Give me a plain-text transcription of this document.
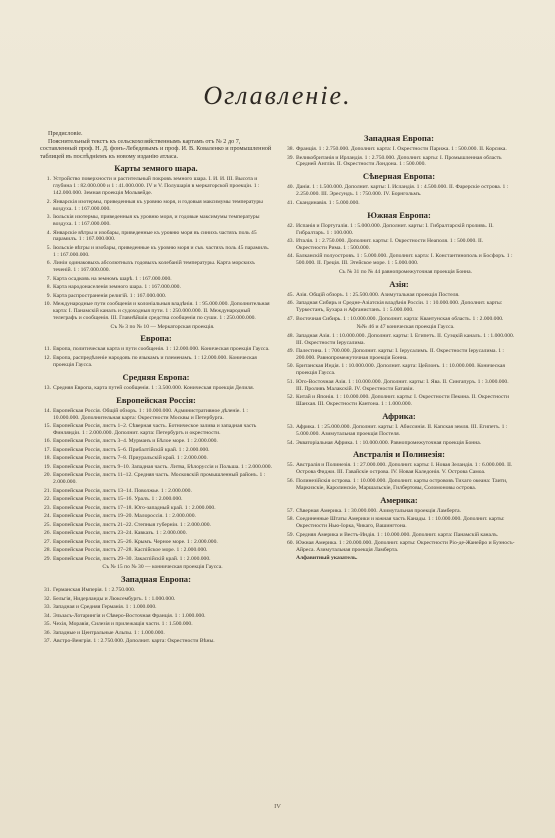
Оглавленіе.
Предисловіе.
Пояснительный текстъ къ сельскохозяйственнымъ картамъ отъ № 2 до 7, составленный проф. Н. Д. фонъ-Лебедевымъ и проф. И. В. Коваленко и промышленной таблицей въ послѣдніемъ къ новому изданію атласа.
Карты земного шара.
1. Устройство поверхности и растительный покровъ земного шара. I. И. И. III. Высота и глубина 1 : 82.000.000 и 1 : 41.000.000. IV и V. Полушарія в меркаторской проекціи. 1 : 142.000.000. Земная проекція Мольвейде.
2. Январскія изотермы, приведенныя къ уровню моря, и годовыя максимумы температуры воздуха. 1 : 167.000.000.
3. Іюльскія изотермы, приведенныя къ уровню моря, и годовые максимумы температуры воздуха. 1 : 167.000.000.
4. Январскіе вѣтры и изобары, приведенные къ уровню моря въ синихъ частяхъ поль 45 парамилъ. 1 : 167.000.000.
5. Іюльскіе вѣтры и изобары, приведенные къ уровню моря и съв. частяхъ поль 45 парамилъ. 1 : 167.000.000.
6. Линіи одинаковыхъ абсолютныхъ годовыхъ колебаній температуры. Карта морскихъ теченій. 1 : 167.000.000.
7. Карта осадковъ на земномъ шарѣ. 1 : 167.000.000.
8. Карта народонаселенія земного шара. 1 : 167.000.000.
9. Карта распространенія религій. 1 : 167.000.000.
10. Международные пути сообщенія и колоніальныя владѣнія. 1 : 95.000.000. Дополнительная карта: I. Панамскій каналъ и судоходныя пути. 1 : 250.000.000. II. Международный телеграфъ и сообщенія. III. Главнѣйшія средства сообщенія по суши. 1 : 250.000.000.
Съ № 3 по № 10 — Меркаторская проекція.
Европа:
11. Европа, политическая карта и пути сообщенія. 1 : 12.000.000. Коническая проекція Гаусса.
12. Европа, распредѣленіе народовъ по языкамъ и племенамъ. 1 : 12.000.000. Коническая проекція Гаусса.
Средняя Европа:
13. Средняя Европа, карта путей сообщенія. 1 : 3.500.000. Коническая проекція Делиля.
Европейская Россія:
14. Европейская Россія. Общій обзоръ. 1 : 10.000.000. Административное дѣленіе. 1 : 10.000.000. Дополнительная карта: Окрестности Москвы и Петербурга.
15. Европейская Россія, листъ 1–2. Сѣверная часть. Ботническое залива и западная часть Финляндіи. 1 : 2.000.000. Дополнит. карта: Петербургъ и окрестности.
16. Европейская Россія, листъ 3–4. Мурманъ и Бѣлое море. 1 : 2.000.000.
17. Европейская Россія, листъ 5–6. Прибалтійскій край. 1 : 2.000.000.
18. Европейская Россія, листъ 7–8. Приуральскій край. 1 : 2.000.000.
19. Европейская Россія, листъ 9–10. Западная часть. Литва, Бѣлоруссія и Польша. 1 : 2.000.000.
20. Европейская Россія, листъ 11–12. Средняя часть. Московскій промышленный районъ. 1 : 2.000.000.
21. Европейская Россія, листъ 13–14. Поволжье. 1 : 2.000.000.
22. Европейская Россія, листъ 15–16. Уралъ. 1 : 2.000.000.
23. Европейская Россія, листъ 17–18. Юго-западный край. 1 : 2.000.000.
24. Европейская Россія, листъ 19–20. Малороссія. 1 : 2.000.000.
25. Европейская Россія, листъ 21–22. Степныя губерніи. 1 : 2.000.000.
26. Европейская Россія, листъ 23–24. Кавказъ. 1 : 2.000.000.
27. Европейская Россія, листъ 25–26. Крымъ. Черное море. 1 : 2.000.000.
28. Европейская Россія, листъ 27–28. Каспійское море. 1 : 2.000.000.
29. Европейская Россія, листъ 29–30. Закаспійскій край. 1 : 2.000.000.
Съ № 15 по № 30 — конническая проекція Гаусса.
Западная Европа:
31. Германская Имперія. 1 : 2.750.000.
32. Бельгія, Нидерланды и Люксембургъ. 1 : 1.000.000.
33. Западная и Средняя Германія. 1 : 1.000.000.
34. Эльзасъ-Лотарингія и Сѣверо-Восточная Франція. 1 : 1.000.000.
35. Чехія, Моравія, Силезія и прилежащія части. 1 : 1.500.000.
36. Западные и Центральные Альпы. 1 : 1.000.000.
37. Австро-Венгрія. 1 : 2.750.000. Дополнит. карта: Окрестности Вѣны.
Западная Европа:
38. Франція. 1 : 2.750.000. Дополнит. карта: I. Окрестности Парижа. 1 : 500.000. II. Корсика.
39. Великобританія и Ирландія. 1 : 2.750.000. Дополнит. карты: I. Промышленная область Средней Англіи. II. Окрестности Лондона. 1 : 500.000.
Сѣверная Европа:
40. Данія. 1 : 1.500.000. Дополнит. карты: I. Исландія. 1 : 4.500.000. II. Фарерскіе острова. 1 : 2.250.000. III. Эресундъ. 1 : 750.000. IV. Борнгольмъ.
41. Скандинавія. 1 : 5.000.000.
Южная Европа:
42. Испанія и Португалія. 1 : 5.000.000. Дополнит. карты: I. Гибралтарскій проливъ. II. Гибралтаръ. 1 : 100.000.
43. Италія. 1 : 2.750.000. Дополнит. карты: I. Окрестности Неаполя. 1 : 500.000. II. Окрестности Рима. 1 : 500.000.
44. Балканскій полуостровъ. 1 : 5.000.000. Дополнит. карта: I. Константинополь и Босфоръ. 1 : 500.000. II. Греція. III. Эгейское море. 1 : 5.000.000.
Съ № 31 по № 44 равнопромежуточная проекція Бонна.
Азія:
45. Азія. Общій обзоръ. 1 : 25.500.000. Азимутальная проекція Постеля.
46. Западная Сибирь и Средне-Азіатскія владѣнія Россіи. 1 : 10.000.000. Дополнит. карты: Туркестанъ, Бухара и Афганистанъ. 1 : 5.000.000.
47. Восточная Сибирь. 1 : 10.000.000. Дополнит. карта: Квантунская область. 1 : 2.000.000.
№№ 46 и 47 коническая проекція Гаусса.
48. Западная Азія. 1 : 10.000.000. Дополнит. карты: I. Египетъ. II. Суэцкій каналъ. 1 : 1.000.000. III. Окрестности Іерусалима.
49. Палестина. 1 : 700.000. Дополнит. карты: I. Іерусалимъ. II. Окрестности Іерусалима. 1 : 200.000. Равнопромежуточная проекція Бонна.
50. Британская Индія. 1 : 10.000.000. Дополнит. карта: Цейлонъ. 1 : 10.000.000. Коническая проекція Гаусса.
51. Юго-Восточная Азія. 1 : 10.000.000. Дополнит. карты: I. Ява. II. Сингапуръ. 1 : 3.000.000. III. Проливъ Малакскій. IV. Окрестности Батавіи.
52. Китай и Японія. 1 : 10.000.000. Дополнит. карты: I. Окрестности Пекина. II. Окрестности Шанхая. III. Окрестности Кантона. 1 : 1.000.000.
Африка:
53. Африка. 1 : 25.000.000. Дополнит. карты: I. Абиссинія. II. Капская земля. III. Египетъ. 1 : 5.000.000. Азимутальная проекція Постеля.
54. Экваторіальная Африка. 1 : 10.000.000. Равнопромежуточная проекція Бонна.
Австралія и Полинезія:
55. Австралія и Полинезія. 1 : 27.000.000. Дополнит. карты: I. Новая Зеландія. 1 : 6.000.000. II. Острова Фиджи. III. Гавайскіе острова. IV. Новая Каледонія. V. Острова Самоа.
56. Полинезійскія острова. 1 : 10.000.000. Дополнит. карты острововъ Тихаго океана: Таити, Маркизскіе, Каролинскіе, Маршальскіе, Гилбертовы, Соломоновы острова.
Америка:
57. Сѣверная Америка. 1 : 30.000.000. Азимутальная проекція Ламберта.
58. Соединенные Штаты Америки и южная часть Канады. 1 : 10.000.000. Дополнит. карты: Окрестности Нью-Іорка, Чикаго, Вашингтона.
59. Средняя Америка и Вестъ-Индія. 1 : 10.000.000. Дополнит. карта: Панамскій каналъ.
60. Южная Америка. 1 : 20.000.000. Дополнит. карты: Окрестности Ріо-де-Жанейро и Буэносъ-Айреса. Азимутальная проекція Ламберта.
Алфавитный указатель.
IV
